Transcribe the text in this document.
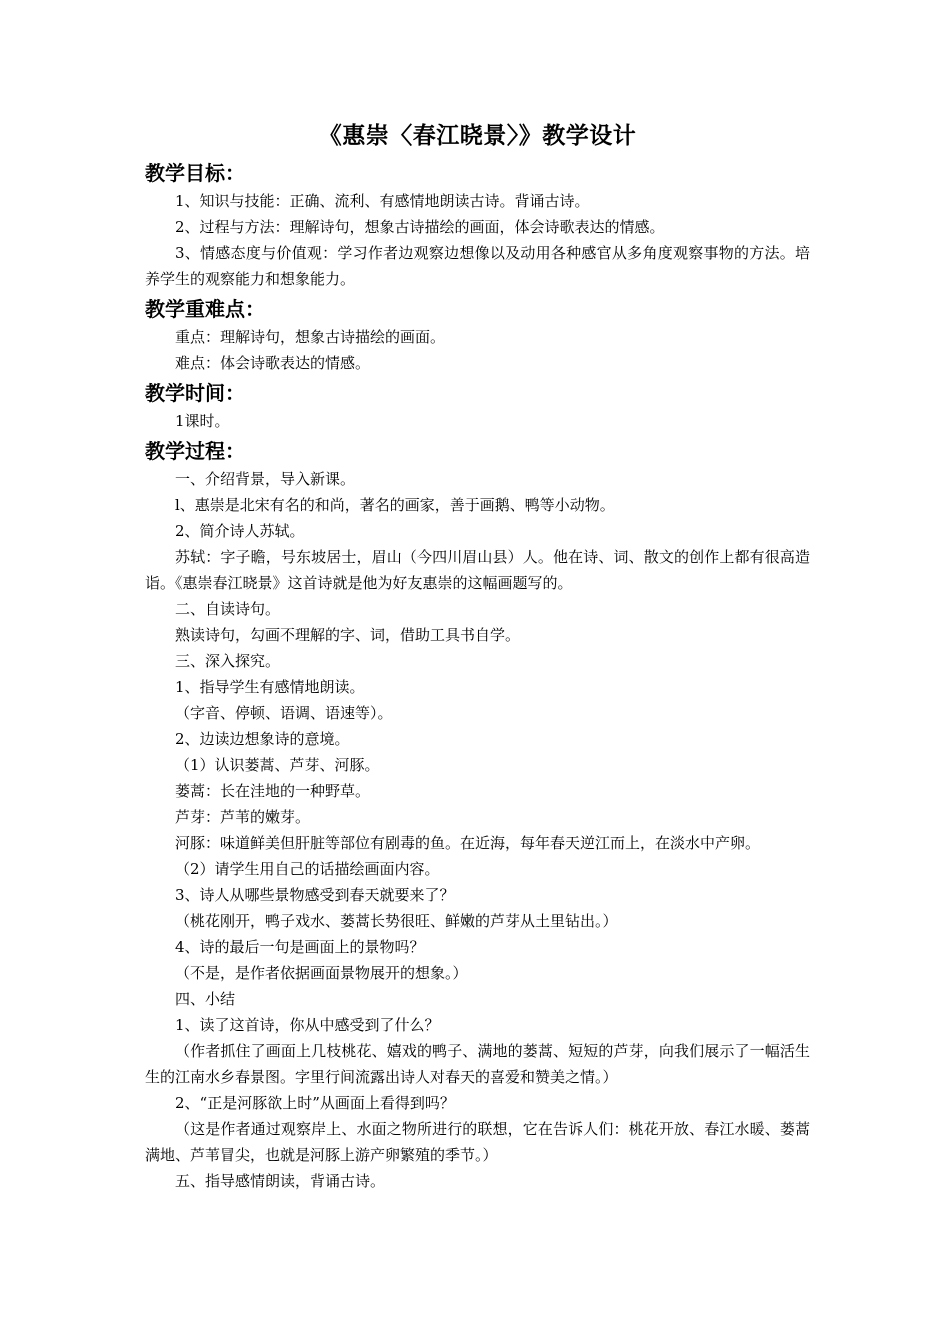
《惠崇〈春江晓景〉》教学设计
教学目标：

1、知识与技能：正确、流利、有感情地朗读古诗。背诵古诗。

2、过程与方法：理解诗句，想象古诗描绘的画面，体会诗歌表达的情感。

3、情感态度与价值观：学习作者边观察边想像以及动用各种感官从多角度观察事物的方法。培养学生的观察能力和想象能力。

教学重难点：

重点：理解诗句，想象古诗描绘的画面。

难点：体会诗歌表达的情感。

教学时间：

1课时。

教学过程：

一、介绍背景，导入新课。

l、惠崇是北宋有名的和尚，著名的画家，善于画鹅、鸭等小动物。

2、简介诗人苏轼。

苏轼：字子瞻，号东坡居士，眉山（今四川眉山县）人。他在诗、词、散文的创作上都有很高造诣。《惠崇春江晓景》这首诗就是他为好友惠崇的这幅画题写的。

二、自读诗句。

熟读诗句，勾画不理解的字、词，借助工具书自学。

三、深入探究。

1、指导学生有感情地朗读。

（字音、停顿、语调、语速等）。

2、边读边想象诗的意境。

（1）认识蒌蒿、芦芽、河豚。

蒌蒿：长在洼地的一种野草。

芦芽：芦苇的嫩芽。

河豚：味道鲜美但肝脏等部位有剧毒的鱼。在近海，每年春天逆江而上，在淡水中产卵。

（2）请学生用自己的话描绘画面内容。

3、诗人从哪些景物感受到春天就要来了？

（桃花刚开，鸭子戏水、蒌蒿长势很旺、鲜嫩的芦芽从土里钻出。）

4、诗的最后一句是画面上的景物吗？

（不是，是作者依据画面景物展开的想象。）

四、小结

1、读了这首诗，你从中感受到了什么？

（作者抓住了画面上几枝桃花、嬉戏的鸭子、满地的蒌蒿、短短的芦芽，向我们展示了一幅活生生的江南水乡春景图。字里行间流露出诗人对春天的喜爱和赞美之情。）

2、“正是河豚欲上时”从画面上看得到吗？

（这是作者通过观察岸上、水面之物所进行的联想，它在告诉人们：桃花开放、春江水暖、蒌蒿满地、芦苇冒尖，也就是河豚上游产卵繁殖的季节。）

五、指导感情朗读，背诵古诗。
